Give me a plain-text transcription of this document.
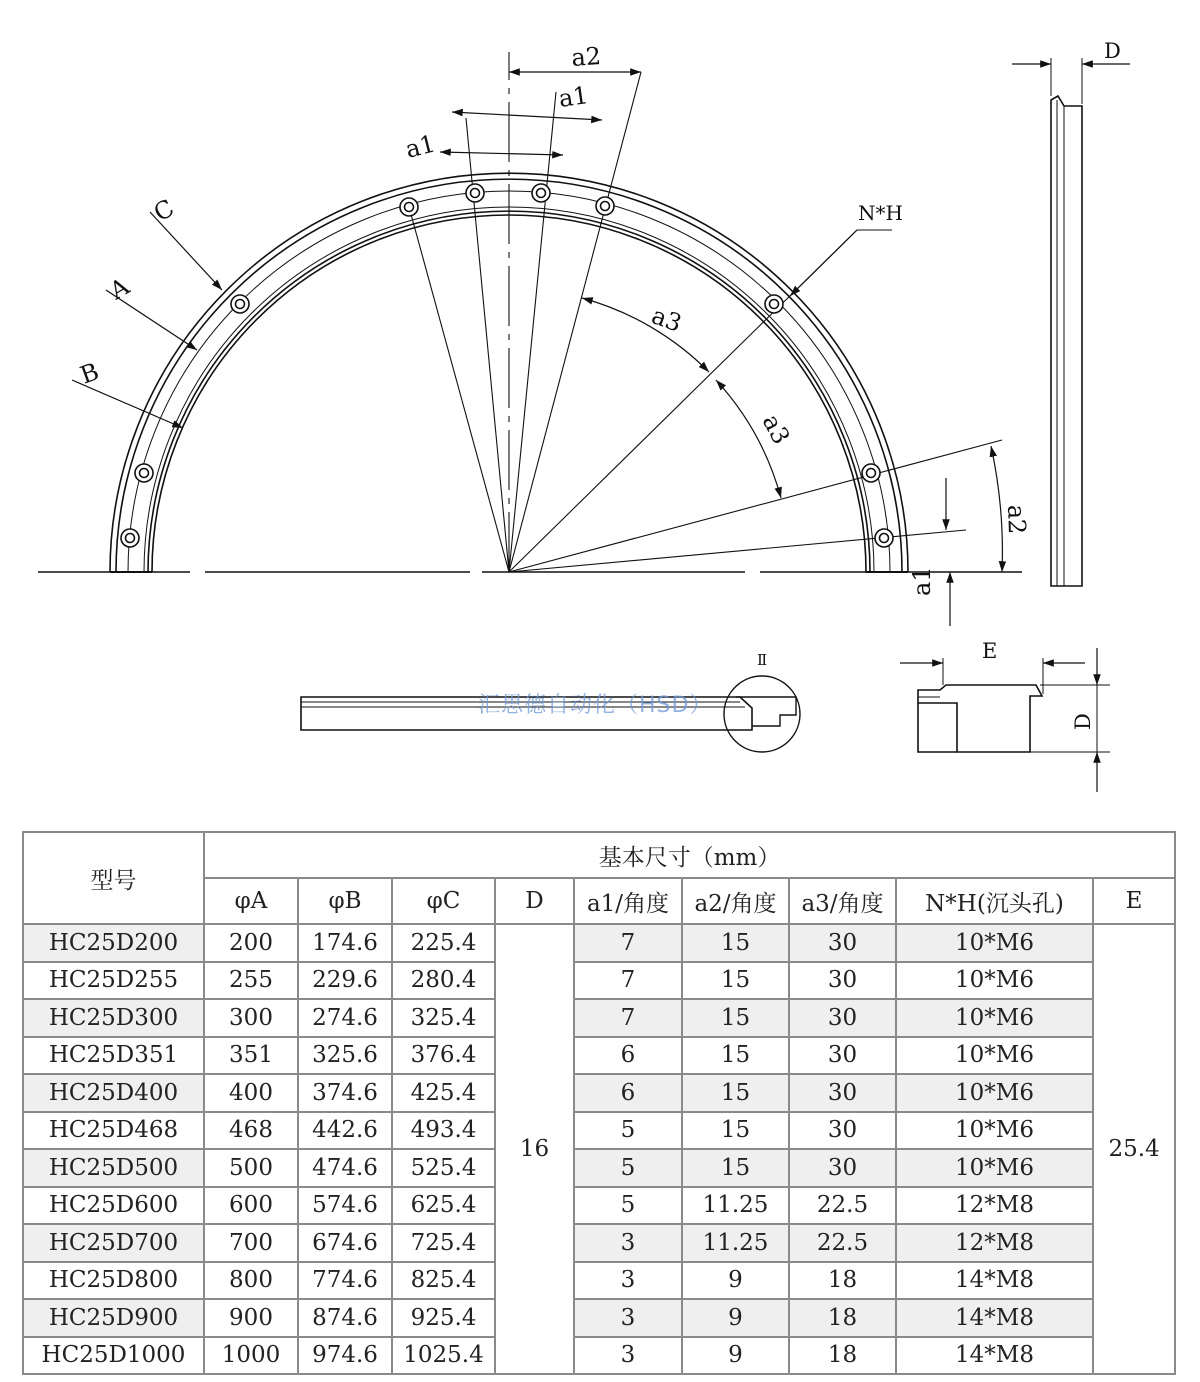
a2
a1
a1
a3
a3
a2
a1
C
A
B
D
E
D
Ⅱ
N*H
汇思德自动化（HSD）
型号	基本尺寸（mm）								
	φA	φB	φC	D	a1/角度	a2/角度	a3/角度	N*H(沉头孔)	E
HC25D200	200	174.6	225.4	16	7	15	30	10*M6	25.4
HC25D255	255	229.6	280.4		7	15	30	10*M6	
HC25D300	300	274.6	325.4		7	15	30	10*M6	
HC25D351	351	325.6	376.4		6	15	30	10*M6	
HC25D400	400	374.6	425.4		6	15	30	10*M6	
HC25D468	468	442.6	493.4		5	15	30	10*M6	
HC25D500	500	474.6	525.4		5	15	30	10*M6	
HC25D600	600	574.6	625.4		5	11.25	22.5	12*M8	
HC25D700	700	674.6	725.4		3	11.25	22.5	12*M8	
HC25D800	800	774.6	825.4		3	9	18	14*M8	
HC25D900	900	874.6	925.4		3	9	18	14*M8	
HC25D1000	1000	974.6	1025.4		3	9	18	14*M8	
